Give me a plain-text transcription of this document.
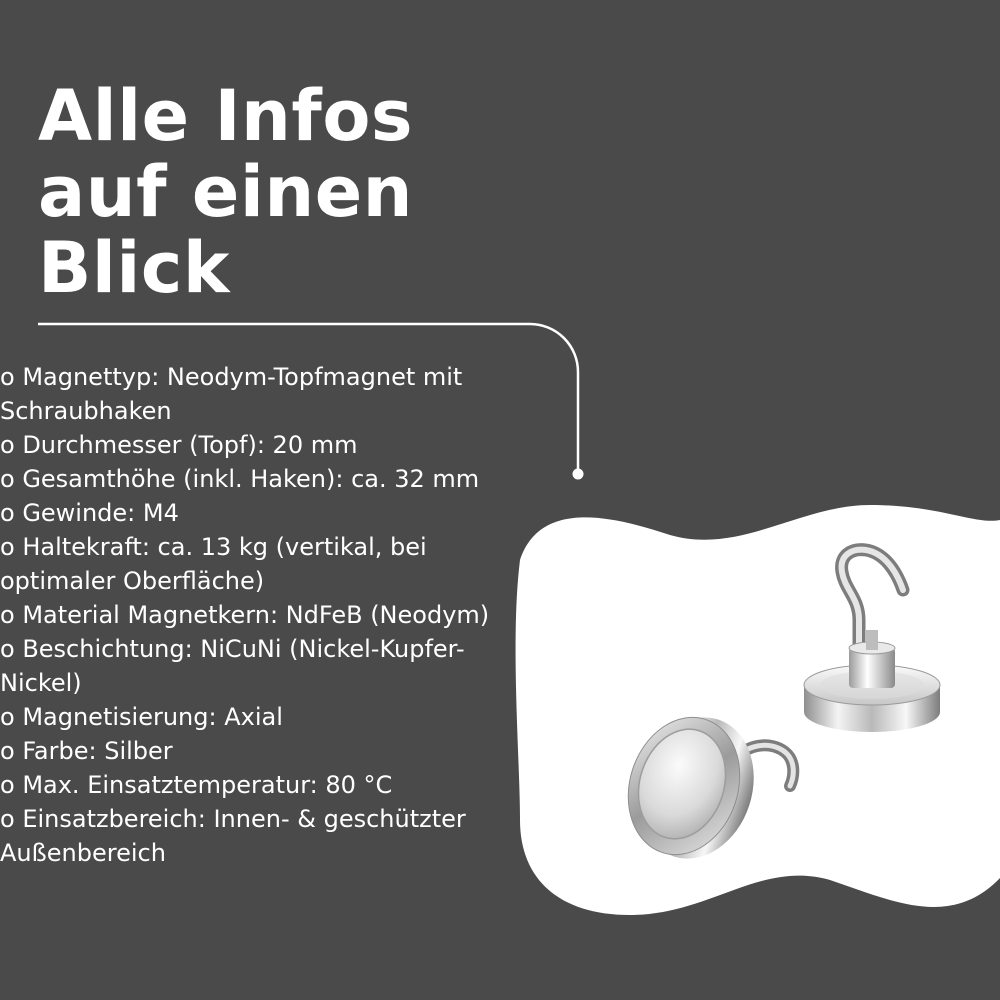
Alle Infos
auf einen
Blick
o Magnettyp: Neodym-Topfmagnet mit Schraubhaken
o Durchmesser (Topf): 20 mm
o Gesamthöhe (inkl. Haken): ca. 32 mm
o Gewinde: M4
o Haltekraft: ca. 13 kg (vertikal, bei optimaler Oberfläche)
o Material Magnetkern: NdFeB (Neodym)
o Beschichtung: NiCuNi (Nickel-Kupfer-Nickel)
o Magnetisierung: Axial
o Farbe: Silber
o Max. Einsatztemperatur: 80 °C
o Einsatzbereich: Innen- & geschützter Außenbereich
